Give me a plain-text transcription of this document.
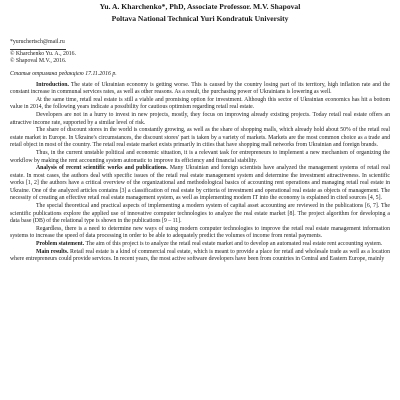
Yu. A. Kharchenko*, PhD, Associate Professor. M.V. Shapoval

Poltava National Technical Yuri Kondratuk University

*yuruchertsch@mail.ru

© Kharchenko Yu. A., 2016.

© Shapoval M.V., 2016.

Статья отримана редакцією 17.11.2016 р.

Introduction. The state of Ukrainian economy is getting worse. This is caused by the country losing part of its territory, high inflation rate and the constant increase in communal services rates, as well as other reasons. As a result, the purchasing power of Ukrainians is lowering as well.

At the same time, retail real estate is still a viable and promising option for investment. Although this sector of Ukrainian economics has hit a bottom value in 2014, the following years indicate a possibility for cautious optimism regarding retail real estate.

Developers are not in a hurry to invest in new projects, mostly, they focus on improving already existing projects. Today retail real estate offers an attractive income rate, supported by a similar level of risk.

The share of discount stores in the world is constantly growing, as well as the share of shopping malls, which already hold about 50% of the retail real estate market in Europe. In Ukraine's circumstances, the discount stores' part is taken by a variety of markets. Markets are the most common choice as a trade and retail object in most of the country. The retail real estate market exists primarily in cities that have shopping mall networks from Ukrainian and foreign brands.

Thus, in the current unstable political and economic situation, it is a relevant task for entrepreneurs to implement a new mechanism of organizing the workflow by making the rent accounting system automatic to improve its efficiency and financial stability.

Analysis of recent scientific works and publications. Many Ukrainian and foreign scientists have analyzed the management systems of retail real estate. In most cases, the authors deal with specific issues of the retail real estate management system and determine the investment attractiveness. In scientific works [1, 2] the authors have a critical overview of the organizational and methodological basics of accounting rent operations and managing retail real estate in Ukraine. One of the analyzed articles contains [3] a classification of real estate by criteria of investment and operational real estate as objects of management. The necessity of creating an effective retail real estate management system, as well as implementing modern IT into the economy is explained in cited sources [4, 5].

The special theoretical and practical aspects of implementing a modern system of capital asset accounting are reviewed in the publications [6, 7]. The scientific publications explore the applied use of innovative computer technologies to analyze the real estate market [8]. The project algorithm for developing a data base (DB) of the relational type is shown in the publications [9 – 11].

Regardless, there is a need to determine new ways of using modern computer technologies to improve the retail real estate management information systems to increase the speed of data processing in order to be able to adequately predict the volumes of income from rental payments.

Problem statement. The aim of this project is to analyze the retail real estate market and to develop an automated real estate rent accounting system.

Main results. Retail real estate is a kind of commercial real estate, which is meant to provide a place for retail and wholesale trade as well as a location where entrepreneurs could provide services. In recent years, the most active software developers have been from countries in Central and Eastern Europe, mainly
